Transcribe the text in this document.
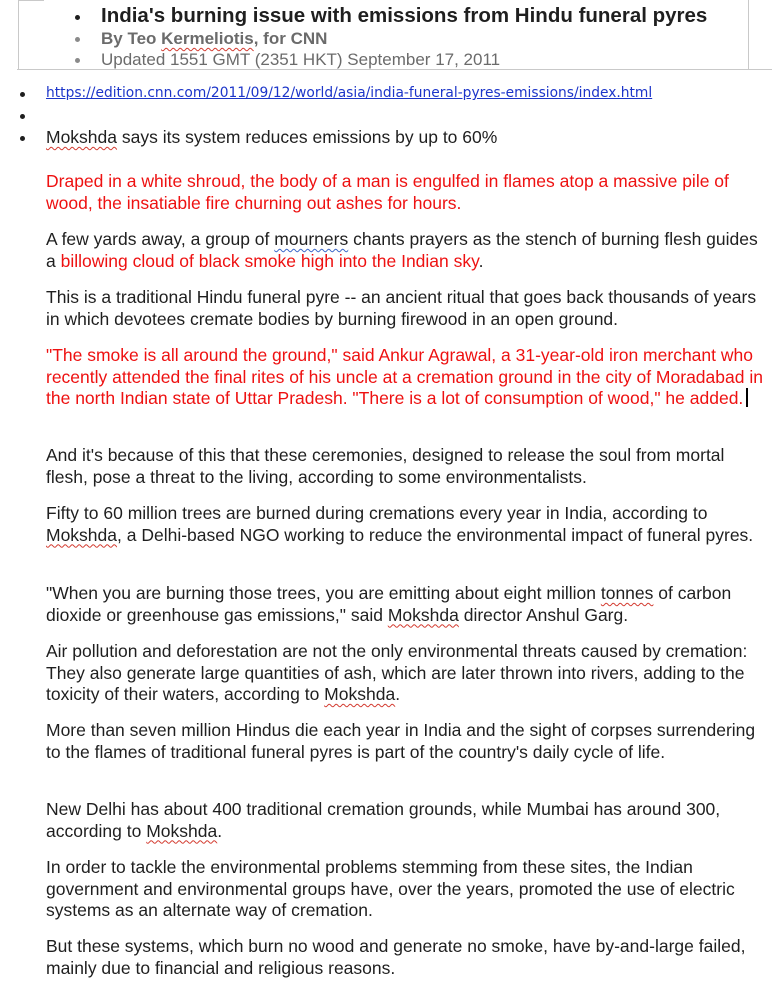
India's burning issue with emissions from Hindu funeral pyres
By Teo Kermeliotis, for CNN
Updated 1551 GMT (2351 HKT) September 17, 2011
https://edition.cnn.com/2011/09/12/world/asia/india-funeral-pyres-emissions/index.html
Mokshda says its system reduces emissions by up to 60%

Draped in a white shroud, the body of a man is engulfed in flames atop a massive pile of wood, the insatiable fire churning out ashes for hours.

A few yards away, a group of mourners chants prayers as the stench of burning flesh guides a billowing cloud of black smoke high into the Indian sky.

This is a traditional Hindu funeral pyre -- an ancient ritual that goes back thousands of years in which devotees cremate bodies by burning firewood in an open ground.

"The smoke is all around the ground," said Ankur Agrawal, a 31-year-old iron merchant who recently attended the final rites of his uncle at a cremation ground in the city of Moradabad in the north Indian state of Uttar Pradesh. "There is a lot of consumption of wood," he added.

And it's because of this that these ceremonies, designed to release the soul from mortal flesh, pose a threat to the living, according to some environmentalists.

Fifty to 60 million trees are burned during cremations every year in India, according to Mokshda, a Delhi-based NGO working to reduce the environmental impact of funeral pyres.

"When you are burning those trees, you are emitting about eight million tonnes of carbon dioxide or greenhouse gas emissions," said Mokshda director Anshul Garg.

Air pollution and deforestation are not the only environmental threats caused by cremation: They also generate large quantities of ash, which are later thrown into rivers, adding to the toxicity of their waters, according to Mokshda.

More than seven million Hindus die each year in India and the sight of corpses surrendering to the flames of traditional funeral pyres is part of the country's daily cycle of life.

New Delhi has about 400 traditional cremation grounds, while Mumbai has around 300, according to Mokshda.

In order to tackle the environmental problems stemming from these sites, the Indian government and environmental groups have, over the years, promoted the use of electric systems as an alternate way of cremation.

But these systems, which burn no wood and generate no smoke, have by-and-large failed, mainly due to financial and religious reasons.
